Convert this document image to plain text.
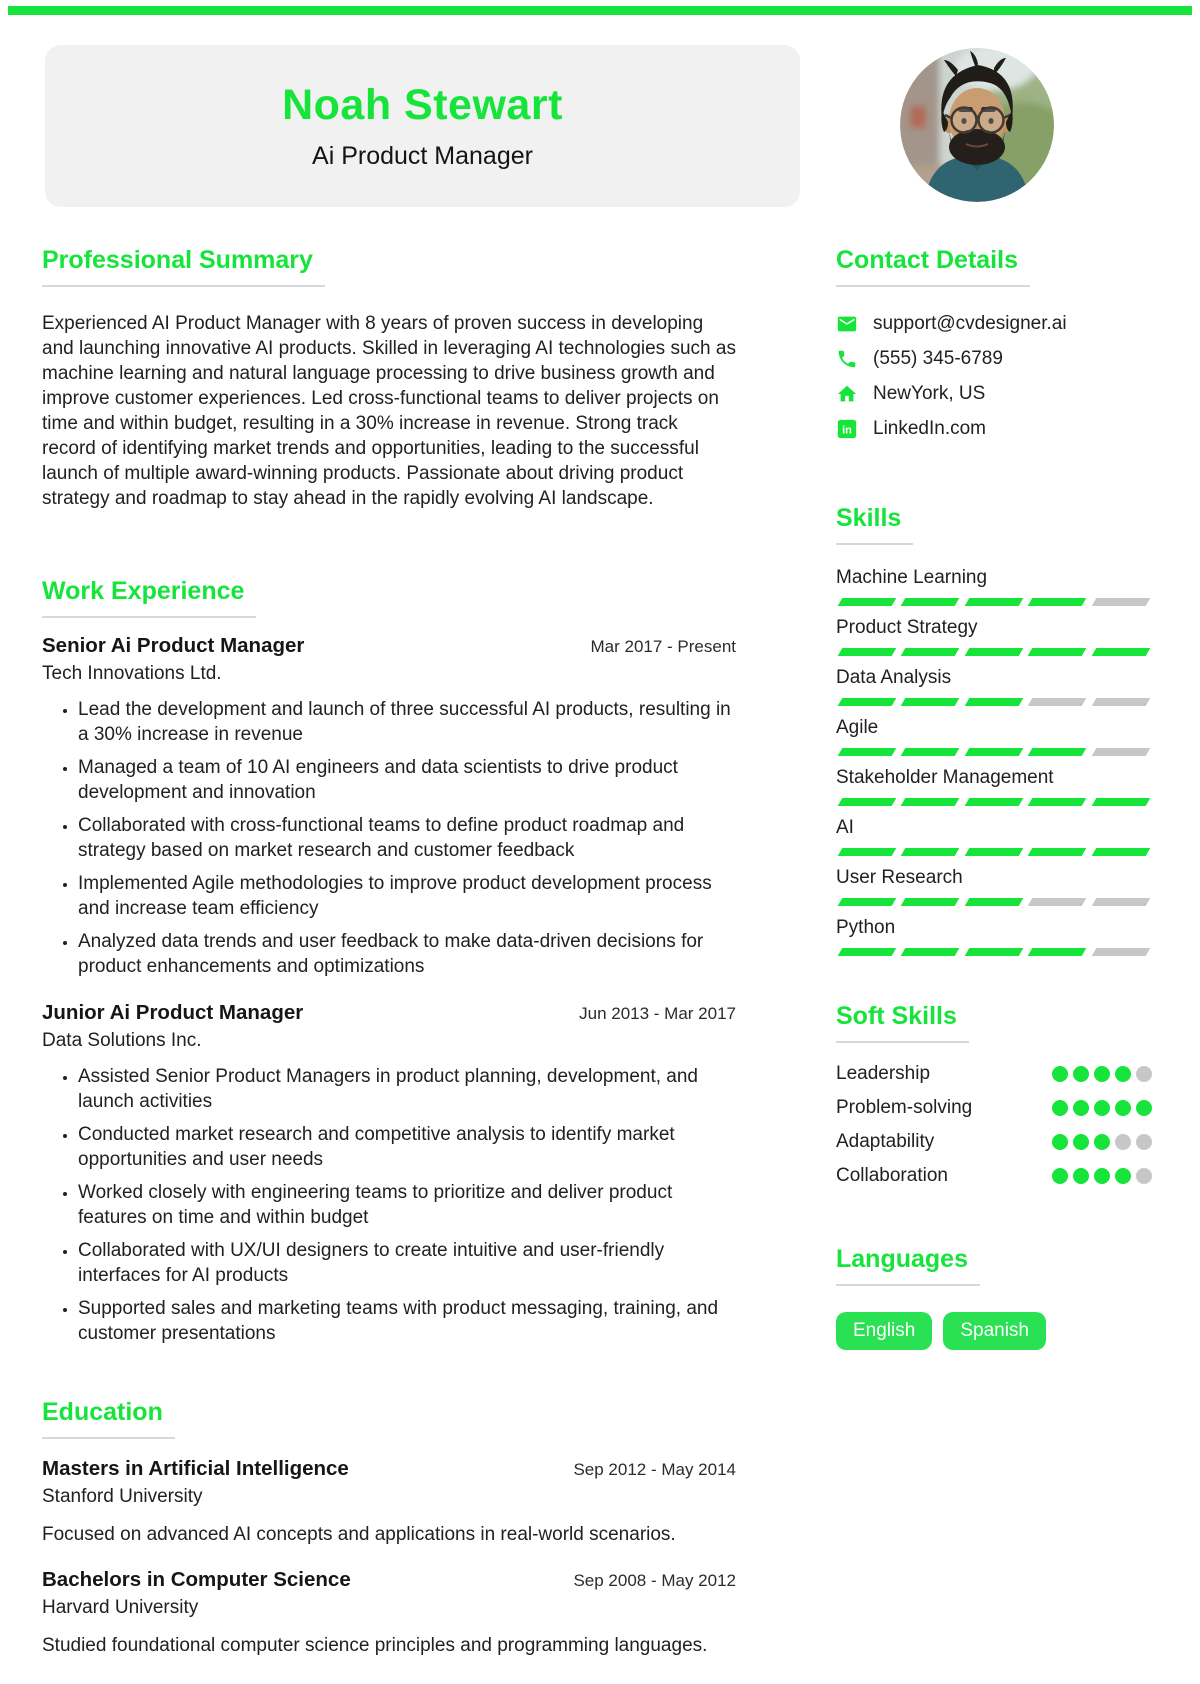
Noah Stewart
Ai Product Manager
Professional Summary

Experienced AI Product Manager with 8 years of proven success in developing and launching innovative AI products. Skilled in leveraging AI technologies such as machine learning and natural language processing to drive business growth and improve customer experiences. Led cross-functional teams to deliver projects on time and within budget, resulting in a 30% increase in revenue. Strong track record of identifying market trends and opportunities, leading to the successful launch of multiple award-winning products. Passionate about driving product strategy and roadmap to stay ahead in the rapidly evolving AI landscape.

Work Experience
Senior Ai Product Manager	Mar 2017 - Present
Tech Innovations Ltd.
• Lead the development and launch of three successful AI products, resulting in a 30% increase in revenue
• Managed a team of 10 AI engineers and data scientists to drive product development and innovation
• Collaborated with cross-functional teams to define product roadmap and strategy based on market research and customer feedback
• Implemented Agile methodologies to improve product development process and increase team efficiency
• Analyzed data trends and user feedback to make data-driven decisions for product enhancements and optimizations
Junior Ai Product Manager	Jun 2013 - Mar 2017
Data Solutions Inc.
• Assisted Senior Product Managers in product planning, development, and launch activities
• Conducted market research and competitive analysis to identify market opportunities and user needs
• Worked closely with engineering teams to prioritize and deliver product features on time and within budget
• Collaborated with UX/UI designers to create intuitive and user-friendly interfaces for AI products
• Supported sales and marketing teams with product messaging, training, and customer presentations
Education
Masters in Artificial Intelligence	Sep 2012 - May 2014
Stanford University

Focused on advanced AI concepts and applications in real-world scenarios.

Bachelors in Computer Science	Sep 2008 - May 2012
Harvard University

Studied foundational computer science principles and programming languages.

Contact Details
support@cvdesigner.ai
(555) 345-6789
NewYork, US
in LinkedIn.com
Skills
Machine Learning
Product Strategy
Data Analysis
Agile
Stakeholder Management
AI
User Research
Python
Soft Skills
Leadership
Problem-solving
Adaptability
Collaboration
Languages
English	Spanish
